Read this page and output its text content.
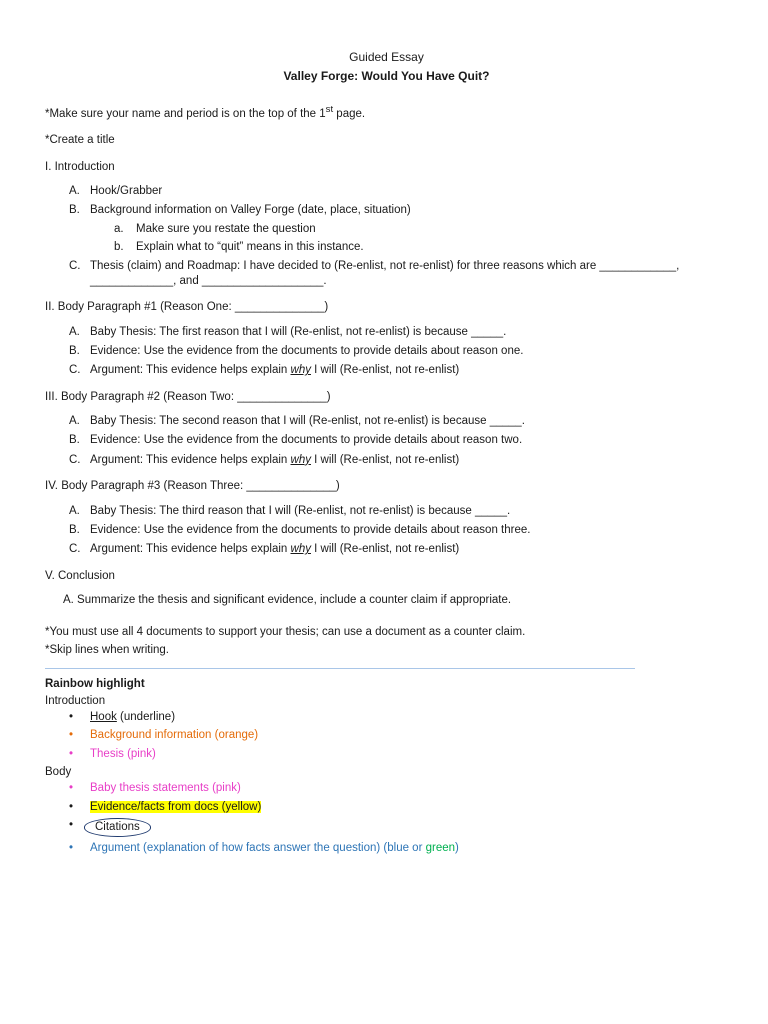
Guided Essay
Valley Forge: Would You Have Quit?

*Make sure your name and period is on the top of the 1st page.

*Create a title

I. Introduction

A. Hook/Grabber
B. Background information on Valley Forge (date, place, situation)
a. Make sure you restate the question
b. Explain what to “quit” means in this instance.
C. Thesis (claim) and Roadmap: I have decided to (Re-enlist, not re-enlist) for three reasons which are ____________, _____________, and ___________________.

II. Body Paragraph #1 (Reason One: ______________)

A. Baby Thesis: The first reason that I will (Re-enlist, not re-enlist) is because _____.
B. Evidence: Use the evidence from the documents to provide details about reason one.
C. Argument: This evidence helps explain why I will (Re-enlist, not re-enlist)

III. Body Paragraph #2 (Reason Two: ______________)

A. Baby Thesis: The second reason that I will (Re-enlist, not re-enlist) is because _____.
B. Evidence: Use the evidence from the documents to provide details about reason two.
C. Argument: This evidence helps explain why I will (Re-enlist, not re-enlist)

IV. Body Paragraph #3 (Reason Three: ______________)

A. Baby Thesis: The third reason that I will (Re-enlist, not re-enlist) is because _____.
B. Evidence: Use the evidence from the documents to provide details about reason three.
C. Argument: This evidence helps explain why I will (Re-enlist, not re-enlist)

V. Conclusion

A. Summarize the thesis and significant evidence, include a counter claim if appropriate.

*You must use all 4 documents to support your thesis; can use a document as a counter claim.

*Skip lines when writing.

Rainbow highlight

Introduction

• Hook (underline)
• Background information (orange)
• Thesis (pink)

Body

• Baby thesis statements (pink)
• Evidence/facts from docs (yellow)
• Citations
• Argument (explanation of how facts answer the question) (blue or green)
